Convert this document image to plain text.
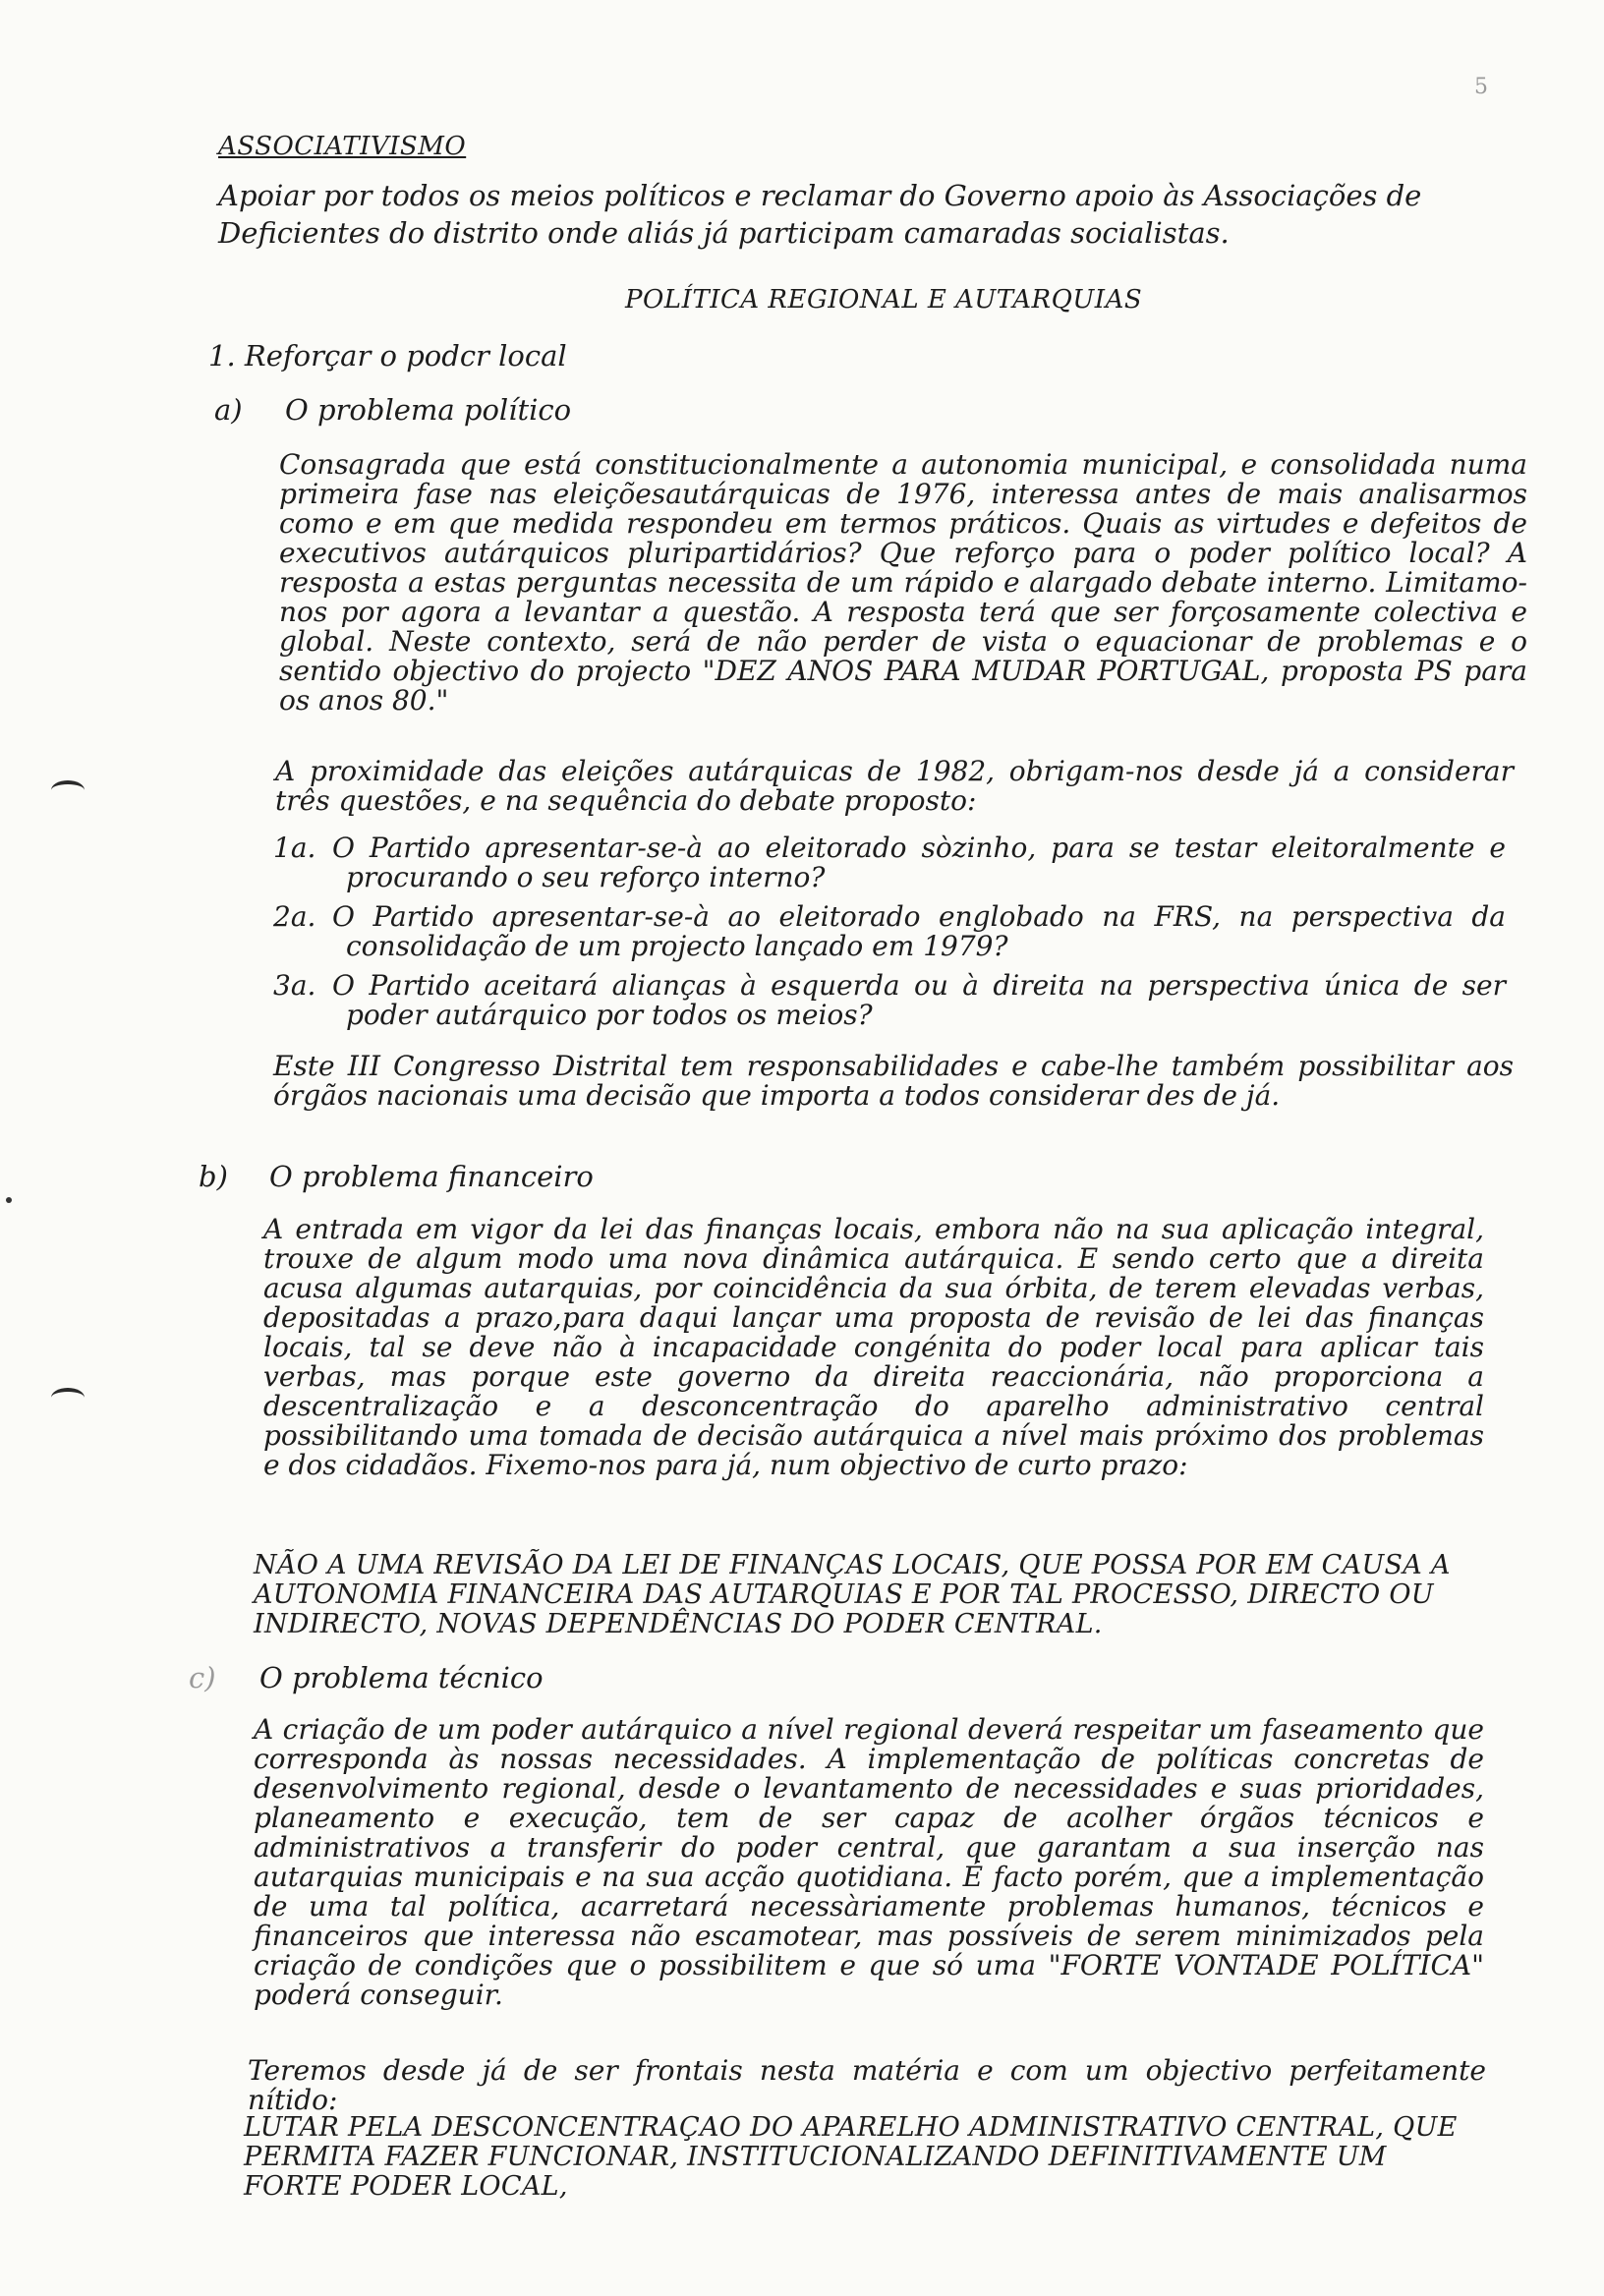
5
ASSOCIATIVISMO
Apoiar por todos os meios políticos e reclamar do Governo apoio às Associações de Deficientes do distrito onde aliás já participam camaradas socialistas.
POLÍTICA REGIONAL E AUTARQUIAS
1. Reforçar o podcr local
a)	O problema político
Consagrada que está constitucionalmente a autonomia municipal, e consolidada numa primeira fase nas eleiçõesautárquicas de 1976, interessa antes de mais analisarmos como e em que medida respondeu em termos práticos. Quais as virtudes e defeitos de executivos autárquicos pluripartidários? Que reforço para o poder político local? A resposta a estas perguntas necessita de um rápido e alargado debate interno. Limitamo-nos por agora a levantar a questão. A resposta terá que ser forçosamente colectiva e global. Neste contexto, será de não perder de vista o equacionar de problemas e o sentido objectivo do projecto "DEZ ANOS PARA MUDAR PORTUGAL, proposta PS para os anos 80."
A proximidade das eleições autárquicas de 1982, obrigam-nos desde já a considerar três questões, e na sequência do debate proposto:
1a. O Partido apresentar-se-à ao eleitorado sòzinho, para se testar eleitoralmente e procurando o seu reforço interno?
2a. O Partido apresentar-se-à ao eleitorado englobado na FRS, na perspectiva da consolidação de um projecto lançado em 1979?
3a. O Partido aceitará alianças à esquerda ou à direita na perspectiva única de ser poder autárquico por todos os meios?
Este III Congresso Distrital tem responsabilidades e cabe-lhe também possibilitar aos órgãos nacionais uma decisão que importa a todos considerar des de já.
b)	O problema financeiro
A entrada em vigor da lei das finanças locais, embora não na sua aplicação integral, trouxe de algum modo uma nova dinâmica autárquica. E sendo certo que a direita acusa algumas autarquias, por coincidência da sua órbita, de terem elevadas verbas, depositadas a prazo,para daqui lançar uma proposta de revisão de lei das finanças locais, tal se deve não à incapacidade congénita do poder local para aplicar tais verbas, mas porque este governo da direita reaccionária, não proporciona a descentralização e a desconcentração do aparelho administrativo central possibilitando uma tomada de decisão autárquica a nível mais próximo dos problemas e dos cidadãos. Fixemo-nos para já, num objectivo de curto prazo:
NÃO A UMA REVISÃO DA LEI DE FINANÇAS LOCAIS, QUE POSSA POR EM CAUSA A AUTONOMIA FINANCEIRA DAS AUTARQUIAS E POR TAL PROCESSO, DIRECTO OU INDIRECTO, NOVAS DEPENDÊNCIAS DO PODER CENTRAL.
c)	O problema técnico
A criação de um poder autárquico a nível regional deverá respeitar um faseamento que corresponda às nossas necessidades. A implementação de políticas concretas de desenvolvimento regional, desde o levantamento de necessidades e suas prioridades, planeamento e execução, tem de ser capaz de acolher órgãos técnicos e administrativos a transferir do poder central, que garantam a sua inserção nas autarquias municipais e na sua acção quotidiana. É facto porém, que a implementação de uma tal política, acarretará necessàriamente problemas humanos, técnicos e financeiros que interessa não escamotear, mas possíveis de serem minimizados pela criação de condições que o possibilitem e que só uma "FORTE VONTADE POLÍTICA" poderá conseguir.
Teremos desde já de ser frontais nesta matéria e com um objectivo perfeitamente nítido:
LUTAR PELA DESCONCENTRAÇAO DO APARELHO ADMINISTRATIVO CENTRAL, QUE PERMITA FAZER FUNCIONAR, INSTITUCIONALIZANDO DEFINITIVAMENTE UM FORTE PODER LOCAL,
